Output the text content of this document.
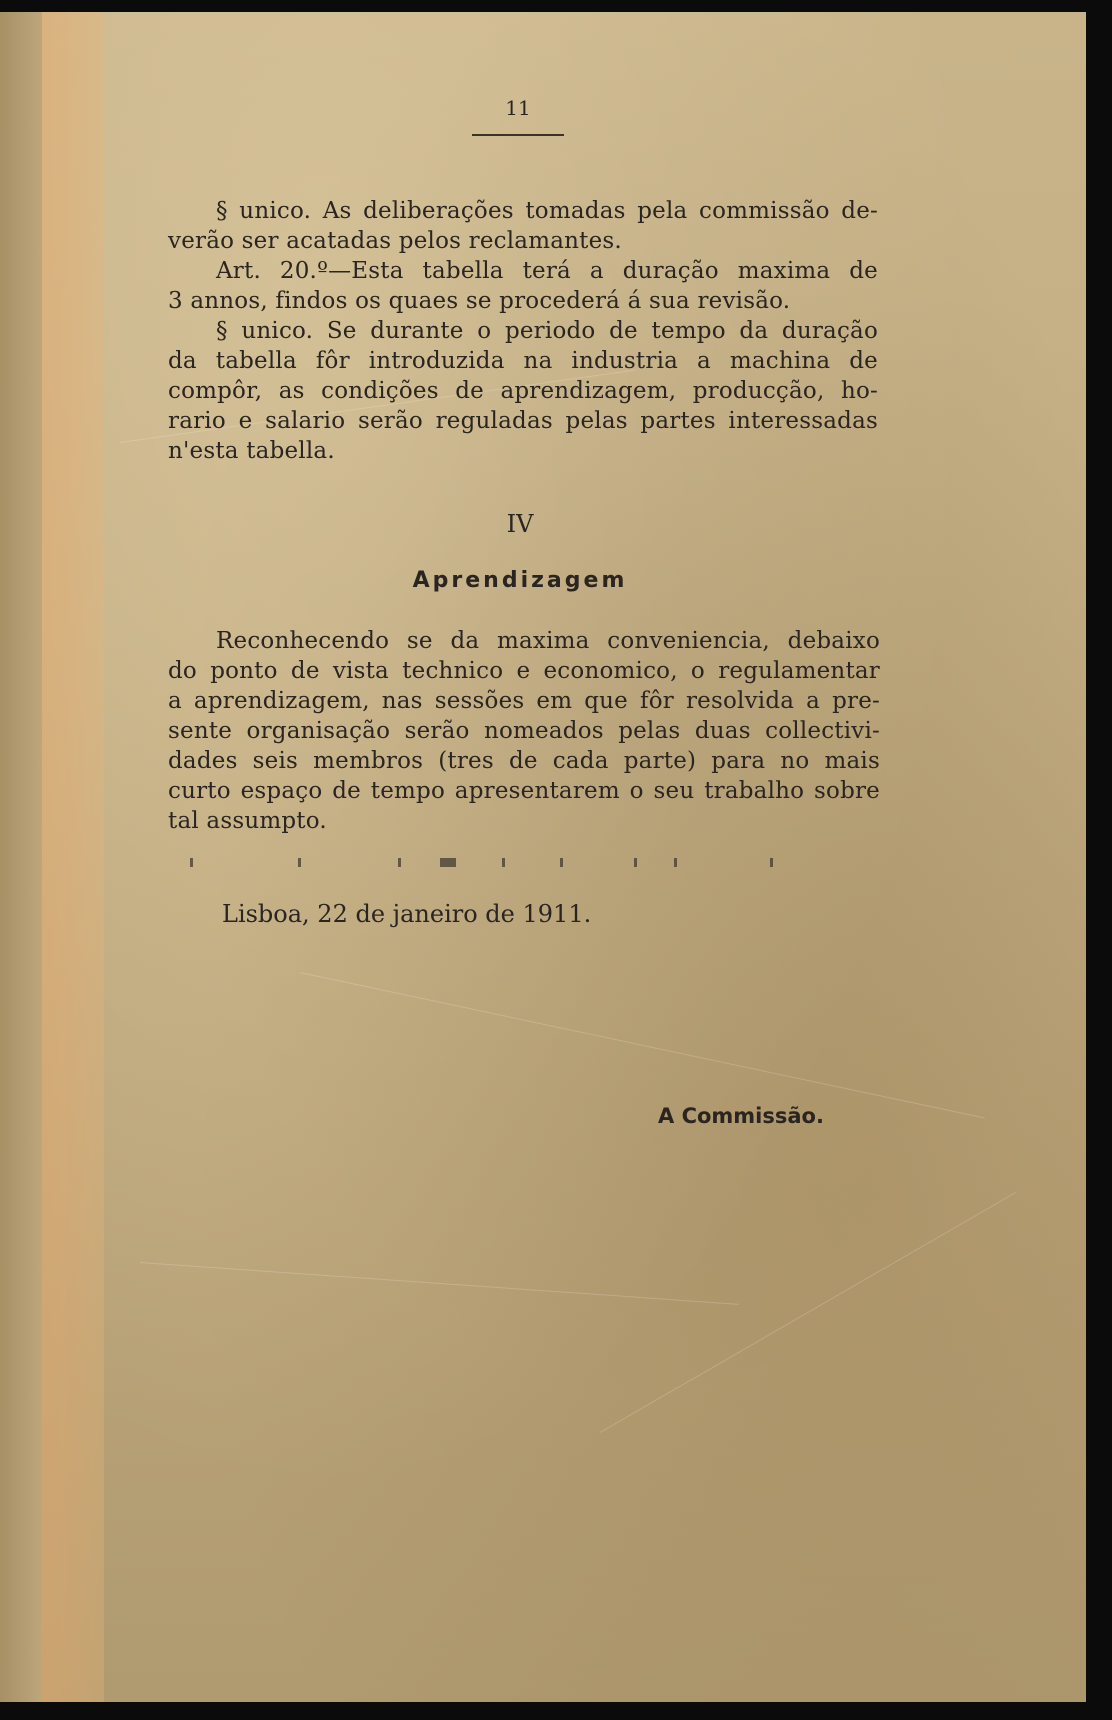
11
§ unico. As deliberações tomadas pela commissão de-
verão ser acatadas pelos reclamantes.
Art. 20.º—Esta tabella terá a duração maxima de
3 annos, findos os quaes se procederá á sua revisão.
§ unico. Se durante o periodo de tempo da duração
da tabella fôr introduzida na industria a machina de
compôr, as condições de aprendizagem, producção, ho-
rario e salario serão reguladas pelas partes interessadas
n'esta tabella.
IV
Aprendizagem
Reconhecendo se da maxima conveniencia, debaixo
do ponto de vista technico e economico, o regulamentar
a aprendizagem, nas sessões em que fôr resolvida a pre-
sente organisação serão nomeados pelas duas collectivi-
dades seis membros (tres de cada parte) para no mais
curto espaço de tempo apresentarem o seu trabalho sobre
tal assumpto.
Lisboa, 22 de janeiro de 1911.
A Commissão.
